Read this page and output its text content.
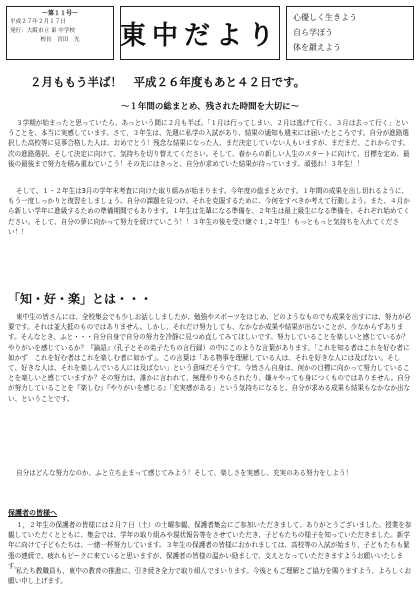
〜第１１号〜
平成２７年２月１７日
発行：大阪市立 東 中学校
校長　宮田　光	東中だより
心優しく生きよう
自ら学ぼう
体を鍛えよう
２月ももう半ば！　平成２６年度もあと４２日です。
〜１年間の総まとめ、残された時間を大切に〜
３学期が始まったと思っていたら、あっという間に２月も半ば。「１月は行ってしまい、２月は逃げて行く、３月は去って行く」ということを、本当に実感しています。さて、３年生は、先週に私学の入試があり、結果の通知も週末には届いたところです。自分が進路選択した高校等に見事合格した人は、おめでとう！残念な結果になった人、まだ決定していない人もいますが、まだまだ、これからです。次の進路選択、そして決定に向けて、気持ちを切り替えてください。そして、春からの新しい人生のスタートに向けて、目標を定め、最後の最後まで努力を積み重ねていこう！その先にはきっと、自分が求めていた結果が待っています。頑張れ！３年生！！
そして、１・２年生は3月の学年末考査に向けた取り組みが始まります。今年度の総まとめです。１年間の成果を出し切れるように、もう一度しっかりと復習をしましょう。自分の課題を見つけ、それを克服するために、今何をすべきか考えて行動しよう。また、４月から新しい学年に進級するための準備期間でもあります。１年生は先輩になる準備を、２年生は最上級生になる準備を、それぞれ始めてください。そして、自分の夢に向かって努力を続けていこう！！３年生の後を受け継ぐ１,２年生！もっともっと気持ちを入れてください！！
「知・好・楽」とは・・・
東中生の皆さんには、全校集会でも少しお話ししましたが、勉強やスポーツをはじめ、どのようなものでも成果を出すには、努力が必要です。それは並大抵のものではありません。しかし、それだけ努力しても、なかなか成果や結果が出ないことが、少なからずあります。そんなとき、ふと・・・自分自身で自分の努力を冷静に見つめ直してみてほしいです。努力していることを楽しいと感じているか？やりがいを感じているか？『論語』（孔子とその弟子たちの言行録）の中にこのような言葉があります。「これを知る者はこれを好む者に如かず　これを好む者はこれを楽しむ者に如かず」。この言葉は「ある物事を理解している人は、それを好きな人には及ばない。そして、好きな人は、それを楽しんでいる人には及ばない」という意味だそうです。今皆さん自身は、何かの目標に向かって努力していることを楽しいと感じていますか？その努力は、誰かに言われて、無理やりやらされたり、嫌々やっても身につくものではありません。自分が努力していることを『楽しむ』『やりがいを感じる』「充実感がある」という気持ちになると、自分が求める成果も結果もなかなか出ない、ということです。
自分はどんな努力なのか、ふと立ち止まって感じてみよう！そして、楽しさを実感し、充実のある努力をしよう！
保護者の皆様へ
１，２年生の保護者の皆様には２月７日（土）の土曜参観、保護者集会にご参加いただきまして、ありがとうございました。授業を参観していただくとともに、集会では、学年の取り組みや現状報告等をさせていただき、子どもたちの様子を知っていただきました。新学年に向けて子どもたちは、一緒一杯努力しています。３年生の保護者の皆様におかれましては、高校等の入試が始まり、子どもたちも緊張の連続で、疲れもピークに来ていると思いますが、保護者の皆様の温かい励ましで、支えとなっていただきますようお願いいたします。
私たち教職員も、東中の教育の推進に、引き続き全力で取り組んでまいります。今後ともご理解とご協力を賜りますよう、よろしくお願い申し上げます。
